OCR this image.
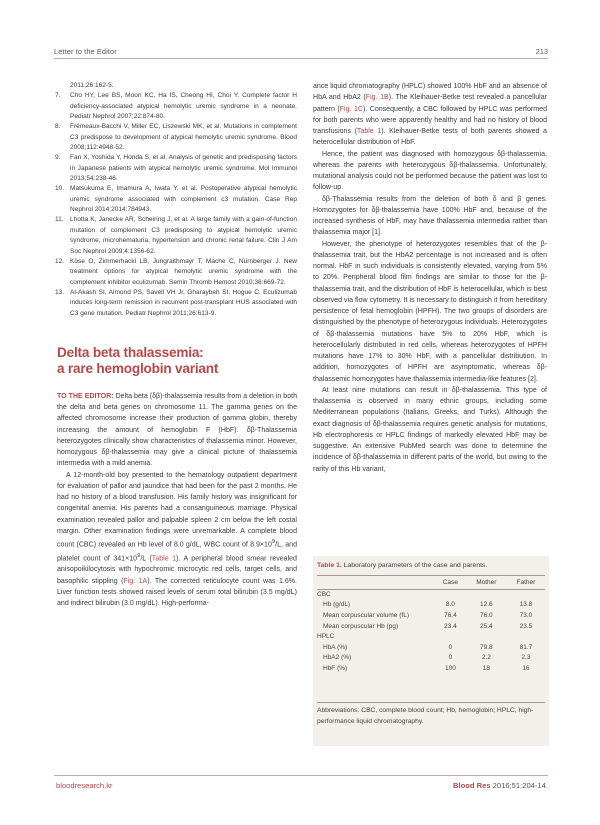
Letter to the Editor	213
2011;26:162-5.
7.	Cho HY, Lee BS, Moon KC, Ha IS, Cheong HI, Choi Y. Complete factor H deficiency-associated atypical hemolytic uremic syndrome in a neonate. Pediatr Nephrol 2007;22:874-80.
8.	Frémeaux-Bacchi V, Miller EC, Liszewski MK, et al. Mutations in complement C3 predispose to development of atypical hemolytic uremic syndrome. Blood 2008;112:4948-52.
9.	Fan X, Yoshida Y, Honda S, et al. Analysis of genetic and predisposing factors in Japanese patients with atypical hemolytic uremic syndrome. Mol Immunol 2013;54:238-46.
10. Matsukuma E, Imamura A, Iwata Y, et al. Postoperative atypical hemolytic uremic syndrome associated with complement c3 mutation. Case Rep Nephrol 2014;2014:784943.
11. Lhotta K, Janecke AR, Scheiring J, et al. A large family with a gain-of-function mutation of complement C3 predisposing to atypical hemolytic uremic syndrome, microhematuria, hypertension and chronic renal failure. Clin J Am Soc Nephrol 2009;4:1356-62.
12. Köse O, Zimmerhackl LB, Jungraithmayr T, Mache C, Nürnberger J. New treatment options for atypical hemolytic uremic syndrome with the complement inhibitor eculizumab. Semin Thromb Hemost 2010;36:669-72.
13. Al-Akash SI, Almond PS, Savell VH Jr, Gharaybeh SI, Hogue C. Eculizumab induces long-term remission in recurrent post-transplant HUS associated with C3 gene mutation. Pediatr Nephrol 2011;26:613-9.
Delta beta thalassemia:
a rare hemoglobin variant

TO THE EDITOR: Delta beta (δβ)-thalassemia results from a deletion in both the delta and beta genes on chromosome 11. The gamma genes on the affected chromosome increase their production of gamma globin, thereby increasing the amount of hemoglobin F (HbF). δβ-Thalassemia heterozygotes clinically show characteristics of thalassemia minor. However, homozygous δβ-thalassemia may give a clinical picture of thalassemia intermedia with a mild anemia.

A 12-month-old boy presented to the hematology outpatient department for evaluation of pallor and jaundice that had been for the past 2 months. He had no history of a blood transfusion. His family history was insignificant for congenital anemia. His parents had a consanguineous marriage. Physical examination revealed pallor and palpable spleen 2 cm below the left costal margin. Other examination findings were unremarkable. A complete blood count (CBC) revealed an Hb level of 8.0 g/dL, WBC count of $8.9\times 10^9/L$, and platelet count of $341\times 10^9/L$ (Table 1). A peripheral blood smear revealed anisopoikilocytosis with hypochromic microcytic red cells, target cells, and basophilic stippling (Fig. 1A). The corrected reticulocyte count was 1.6%. Liver function tests showed raised levels of serum total bilirubin (3.5 mg/dL) and indirect bilirubin (3.0 mg/dL). High-performa-

ance liquid chromatography (HPLC) showed 100% HbF and an absence of HbA and HbA2 (Fig. 1B). The Kleihauer-Betke test revealed a pancellular pattern (Fig. 1C). Consequently, a CBC followed by HPLC was performed for both parents who were apparently healthy and had no history of blood transfusions (Table 1). Kleihauer-Betke tests of both parents showed a heterocellular distribution of HbF.

Hence, the patient was diagnosed with homozygous δβ-thalassemia, whereas the parents with heterozygous δβ-thalassemia. Unfortunately, mutational analysis could not be performed because the patient was lost to follow-up.

δβ-Thalassemia results from the deletion of both δ and β genes. Homozygotes for δβ-thalassemia have 100% HbF and, because of the increased synthesis of HbF, may have thalassemia intermedia rather than thalassemia major [1].

However, the phenotype of heterozygotes resembles that of the β-thalassemia trait, but the HbA2 percentage is not increased and is often normal. HbF in such individuals is consistently elevated, varying from 5% to 20%. Peripheral blood film findings are similar to those for the β-thalassemia trait, and the distribution of HbF is heterocellular, which is best observed via flow cytometry. It is necessary to distinguish it from hereditary persistence of fetal hemoglobin (HPFH). The two groups of disorders are distinguished by the phenotype of heterozygous individuals. Heterozygotes of δβ-thalassemia mutations have 5% to 20% HbF, which is heterocellularly distributed in red cells, whereas heterozygotes of HPFH mutations have 17% to 30% HbF, with a pancellular distribution. In addition, homozygotes of HPFH are asymptomatic, whereas δβ-thalassemic homozygotes have thalassemia intermedia-like features [2].

At least nine mutations can result in δβ-thalassemia. This type of thalassemia is observed in many ethnic groups, including some Mediterranean populations (Italians, Greeks, and Turks). Although the exact diagnosis of δβ-thalassemia requires genetic analysis for mutations, Hb electrophoresis or HPLC findings of markedly elevated HbF may be suggestive. An extensive PubMed search was done to determine the incidence of δβ-thalassemia in different parts of the world, but owing to the rarity of this Hb variant,

Table 1. Laboratory parameters of the case and parents.
	Case	Mother	Father
CBC			
Hb (g/dL)	8.0	12.6	13.8
Mean corpuscular volume (fL)	76.4	76.0	73.0
Mean corpuscular Hb (pg)	23.4	25.4	23.5
HPLC			
HbA (%)	0	79.8	81.7
HbA2 (%)	0	2.2	2.3
HbF (%)	100	18	16
Abbreviations: CBC, complete blood count; Hb, hemoglobin; HPLC, high-performance liquid chromatography.
bloodresearch.kr	Blood Res 2016;51:204-14.
